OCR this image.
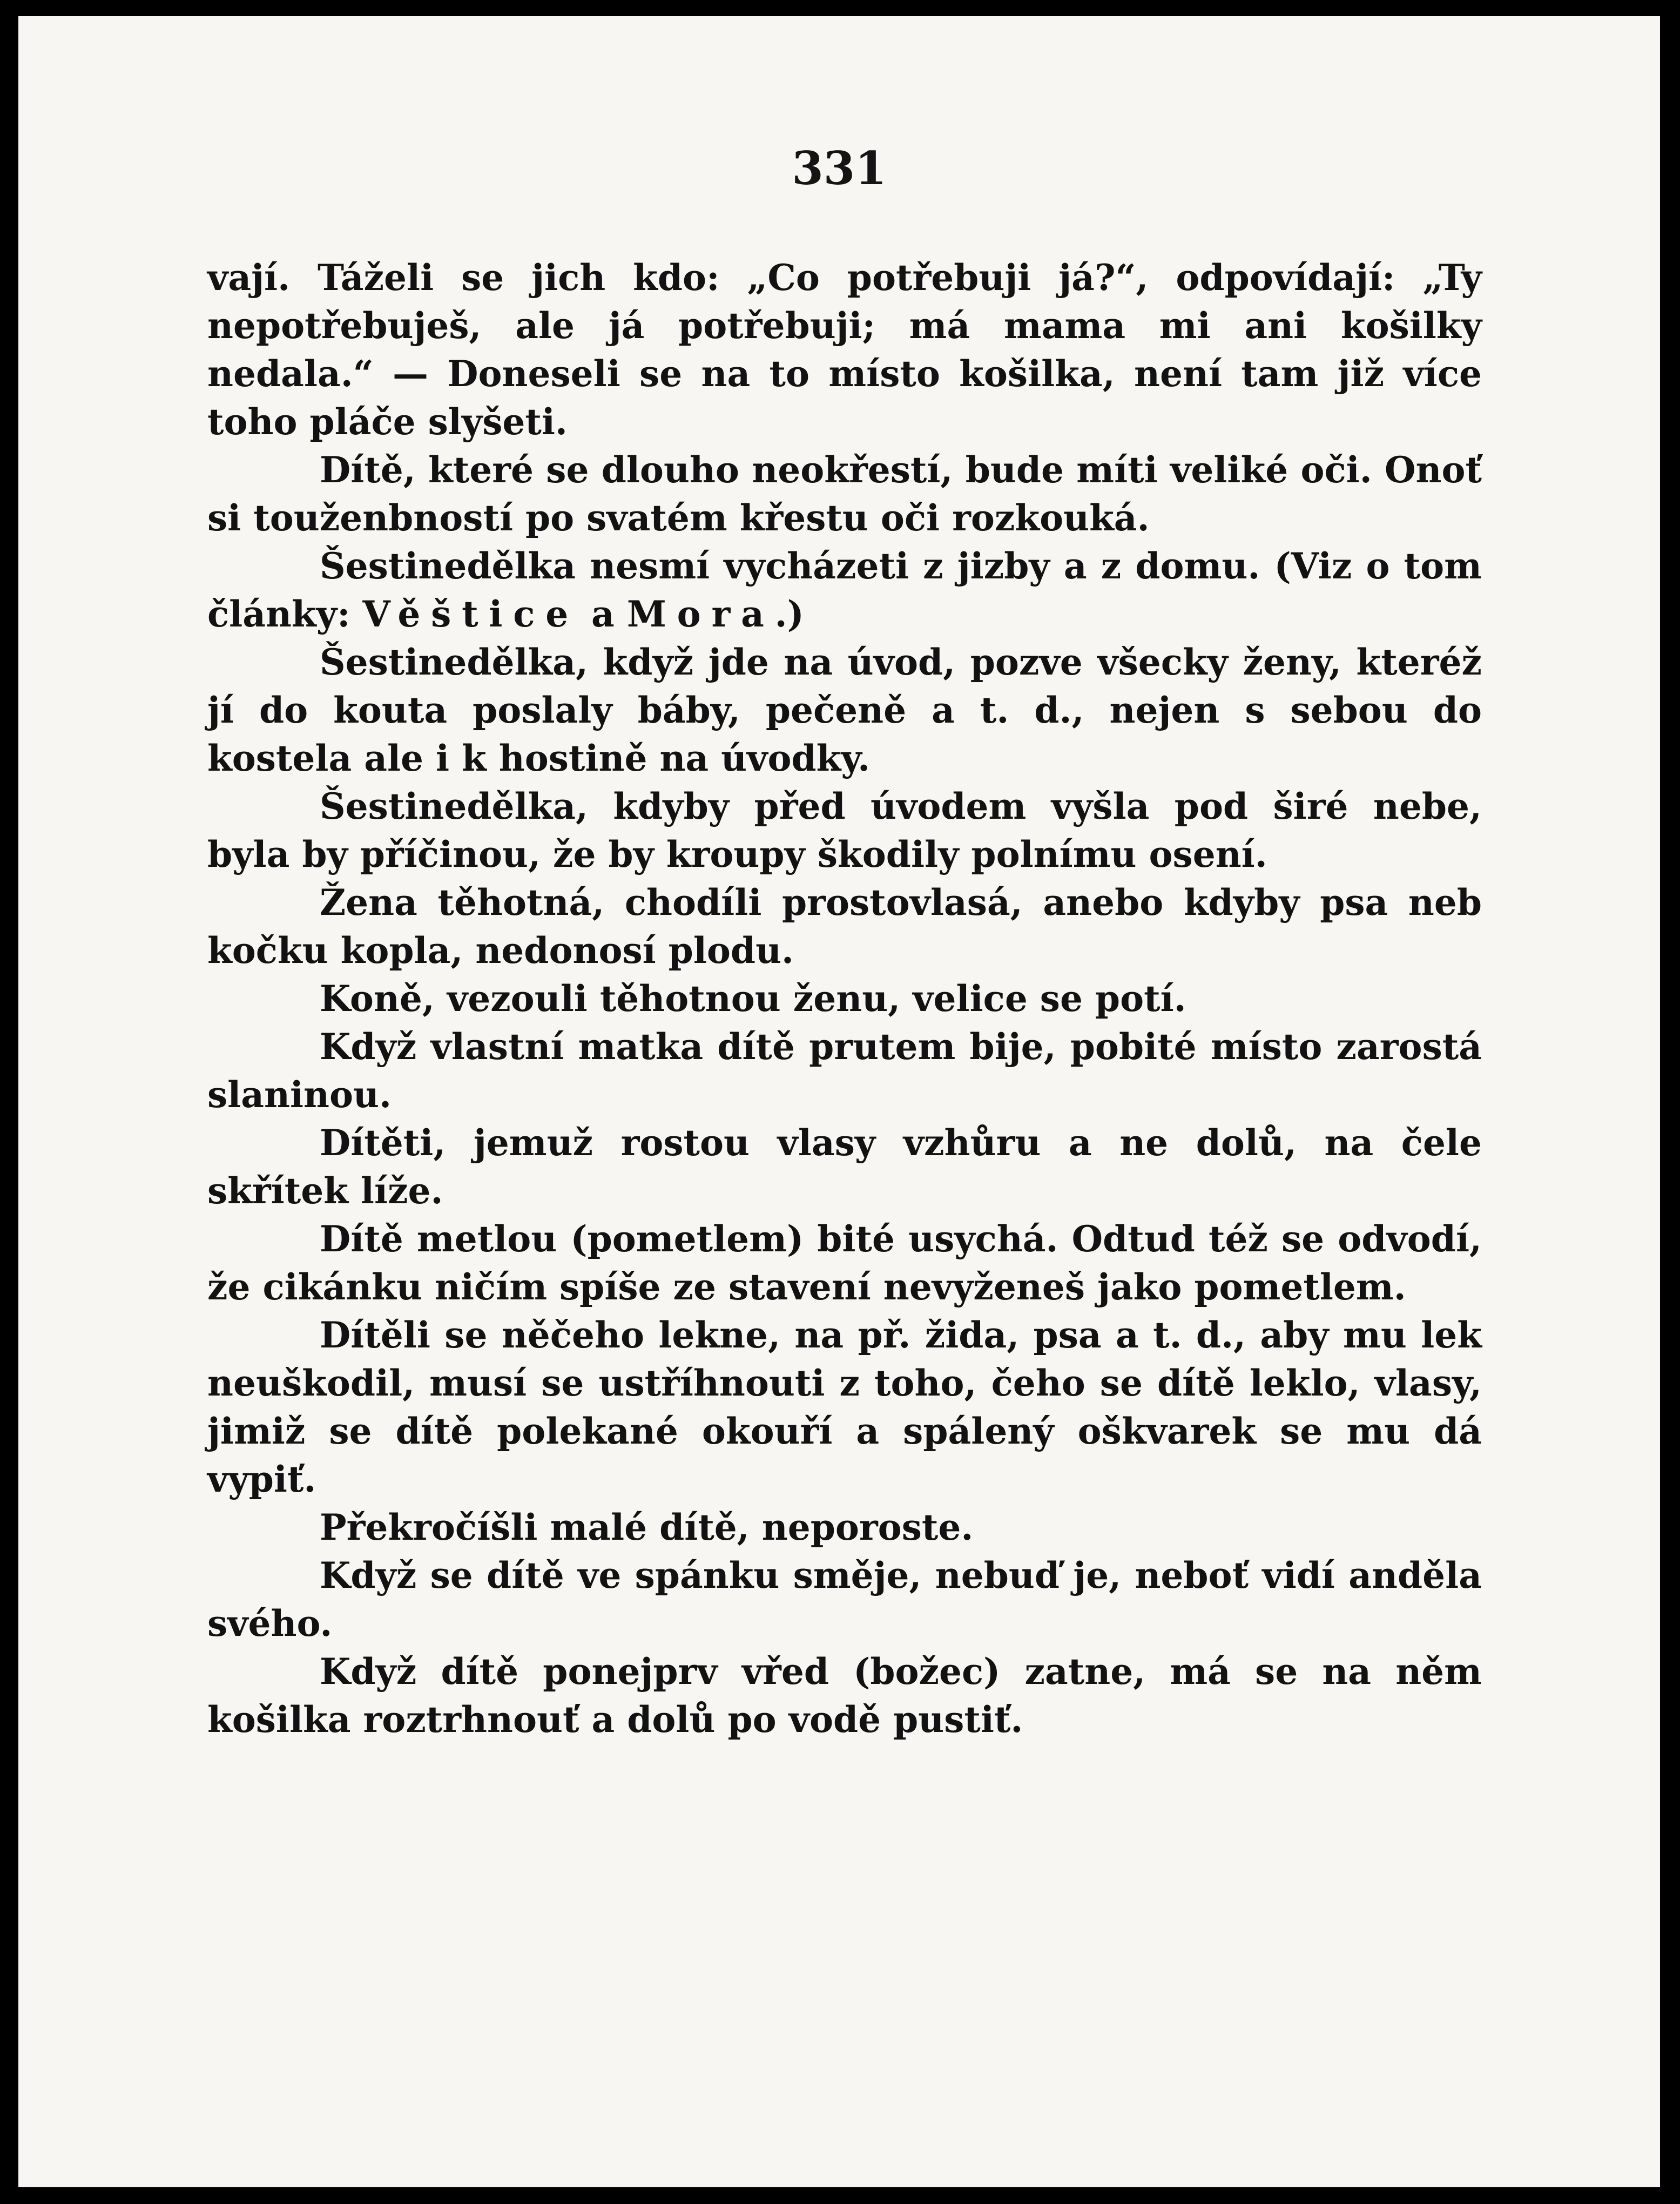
331

vají. Táželi se jich kdo: „Co potřebuji já?“, odpovídají: „Ty nepotřebuješ, ale já potřebuji; má mama mi ani košilky nedala.“ — Doneseli se na to místo košilka, není tam již více toho pláče slyšeti.

Dítě, které se dlouho neokřestí, bude míti veliké oči. Onoť si touženbností po svatém křestu oči rozkouká.

Šestinedělka nesmí vycházeti z jizby a z domu. (Viz o tom články: Věštice a Mora.)

Šestinedělka, když jde na úvod, pozve všecky ženy, kteréž jí do kouta poslaly báby, pečeně a t. d., nejen s sebou do kostela ale i k hostině na úvodky.

Šestinedělka, kdyby před úvodem vyšla pod širé nebe, byla by příčinou, že by kroupy škodily polnímu osení.

Žena těhotná, chodíli prostovlasá, anebo kdyby psa neb kočku kopla, nedonosí plodu.

Koně, vezouli těhotnou ženu, velice se potí.

Když vlastní matka dítě prutem bije, pobité místo zarostá slaninou.

Dítěti, jemuž rostou vlasy vzhůru a ne dolů, na čele skřítek líže.

Dítě metlou (pometlem) bité usychá. Odtud též se odvodí, že cikánku ničím spíše ze stavení nevyženeš jako pometlem.

Dítěli se něčeho lekne, na př. žida, psa a t. d., aby mu lek neuškodil, musí se ustříhnouti z toho, čeho se dítě leklo, vlasy, jimiž se dítě polekané okouří a spálený oškvarek se mu dá vypiť.

Překročíšli malé dítě, neporoste.

Když se dítě ve spánku směje, nebuď je, neboť vidí anděla svého.

Když dítě ponejprv vřed (božec) zatne, má se na něm košilka roztrhnouť a dolů po vodě pustiť.
